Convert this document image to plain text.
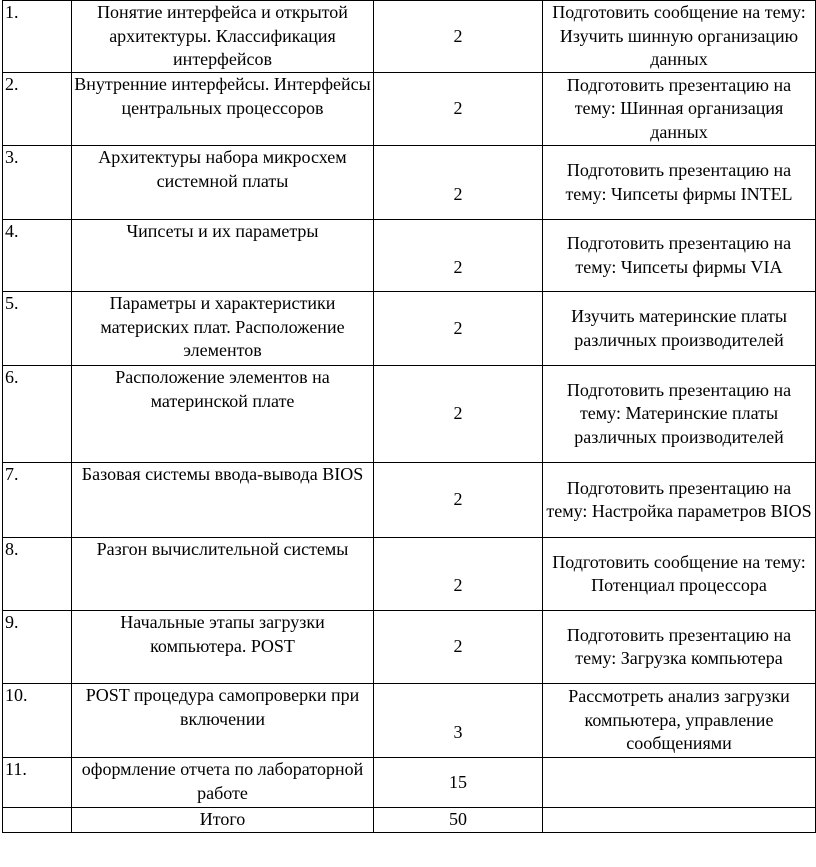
1.	Понятие интерфейса и открытой архитектуры. Классификация интерфейсов	2	Подготовить сообщение на тему: Изучить шинную организацию данных
2.	Внутренние интерфейсы. Интерфейсы центральных процессоров	2	Подготовить презентацию на тему: Шинная организация данных
3.	Архитектуры набора микросхем системной платы	2	Подготовить презентацию на тему: Чипсеты фирмы INTEL
4.	Чипсеты и их параметры	2	Подготовить презентацию на тему: Чипсеты фирмы VIA
5.	Параметры и характеристики материских плат. Расположение элементов	2	Изучить материнские платы различных производителей
6.	Расположение элементов на материнской плате	2	Подготовить презентацию на тему: Материнские платы различных производителей
7.	Базовая системы ввода-вывода BIOS	2	Подготовить презентацию на тему: Настройка параметров BIOS
8.	Разгон вычислительной системы	2	Подготовить сообщение на тему: Потенциал процессора
9.	Начальные этапы загрузки компьютера. POST	2	Подготовить презентацию на тему: Загрузка компьютера
10.	POST процедура самопроверки при включении	3	Рассмотреть анализ загрузки компьютера, управление сообщениями
11.	оформление отчета по лабораторной работе	15	
	Итого	50	
